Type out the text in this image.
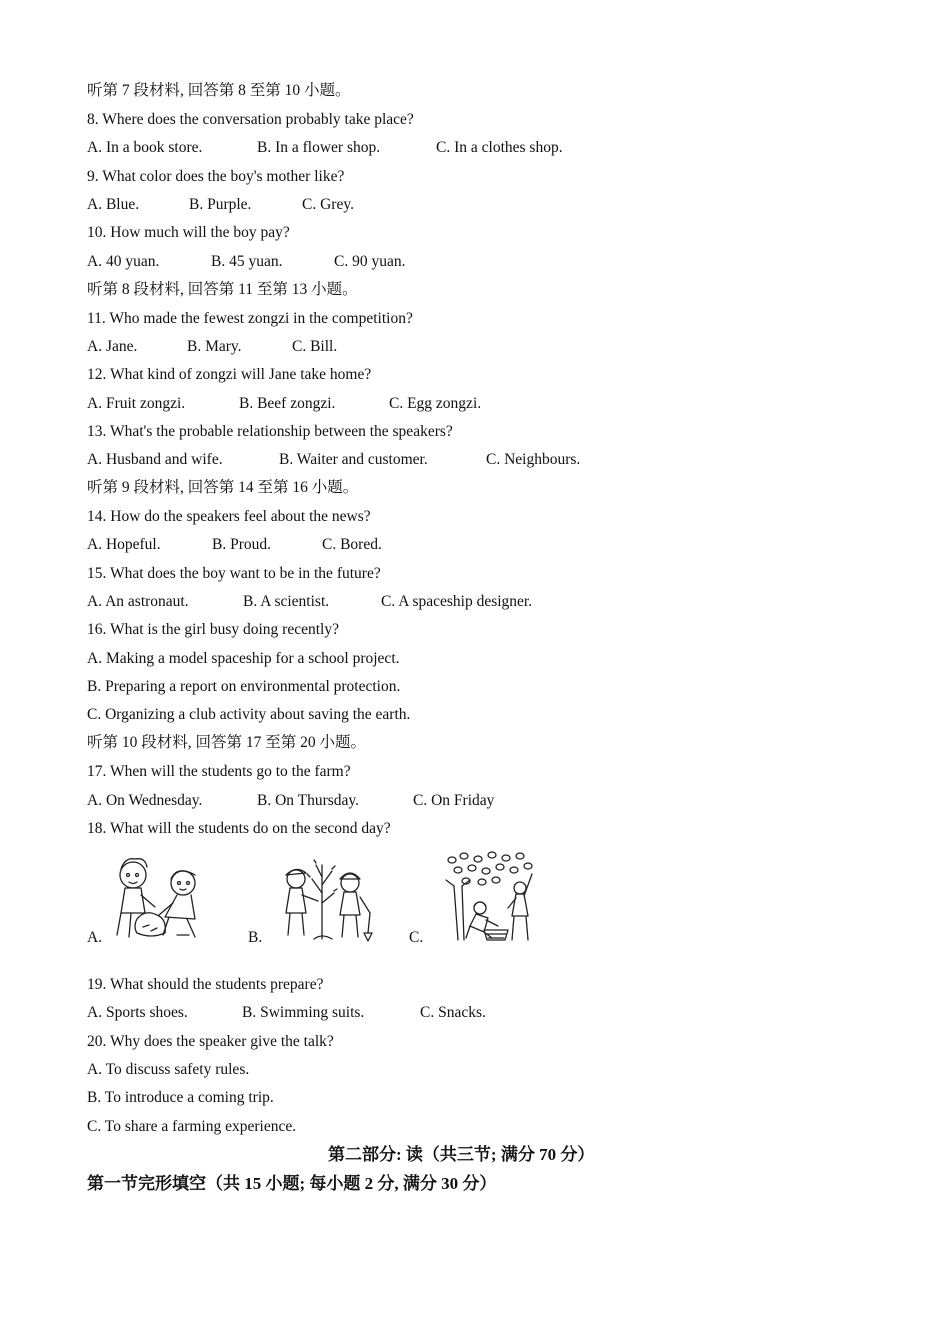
听第 7 段材料, 回答第 8 至第 10 小题。
8. Where does the conversation probably take place?
A. In a book store.	B. In a flower shop.	C. In a clothes shop.
9. What color does the boy's mother like?
A. Blue.	B. Purple.	C. Grey.
10. How much will the boy pay?
A. 40 yuan.	B. 45 yuan.	C. 90 yuan.
听第 8 段材料, 回答第 11 至第 13 小题。
11. Who made the fewest zongzi in the competition?
A. Jane.	B. Mary.	C. Bill.
12. What kind of zongzi will Jane take home?
A. Fruit zongzi.	B. Beef zongzi.	C. Egg zongzi.
13. What's the probable relationship between the speakers?
A. Husband and wife.	B. Waiter and customer.	C. Neighbours.
听第 9 段材料, 回答第 14 至第 16 小题。
14. How do the speakers feel about the news?
A. Hopeful.	B. Proud.	C. Bored.
15. What does the boy want to be in the future?
A. An astronaut.	B. A scientist.	C. A spaceship designer.
16. What is the girl busy doing recently?
A. Making a model spaceship for a school project.
B. Preparing a report on environmental protection.
C. Organizing a club activity about saving the earth.
听第 10 段材料, 回答第 17 至第 20 小题。
17. When will the students go to the farm?
A. On Wednesday.	B. On Thursday.	C. On Friday
18. What will the students do on the second day?
A.	B.	C.
19. What should the students prepare?
A. Sports shoes.	B. Swimming suits.	C. Snacks.
20. Why does the speaker give the talk?
A. To discuss safety rules.
B. To introduce a coming trip.
C. To share a farming experience.
第二部分: 读（共三节; 满分 70 分）
第一节完形填空（共 15 小题; 每小题 2 分, 满分 30 分）
